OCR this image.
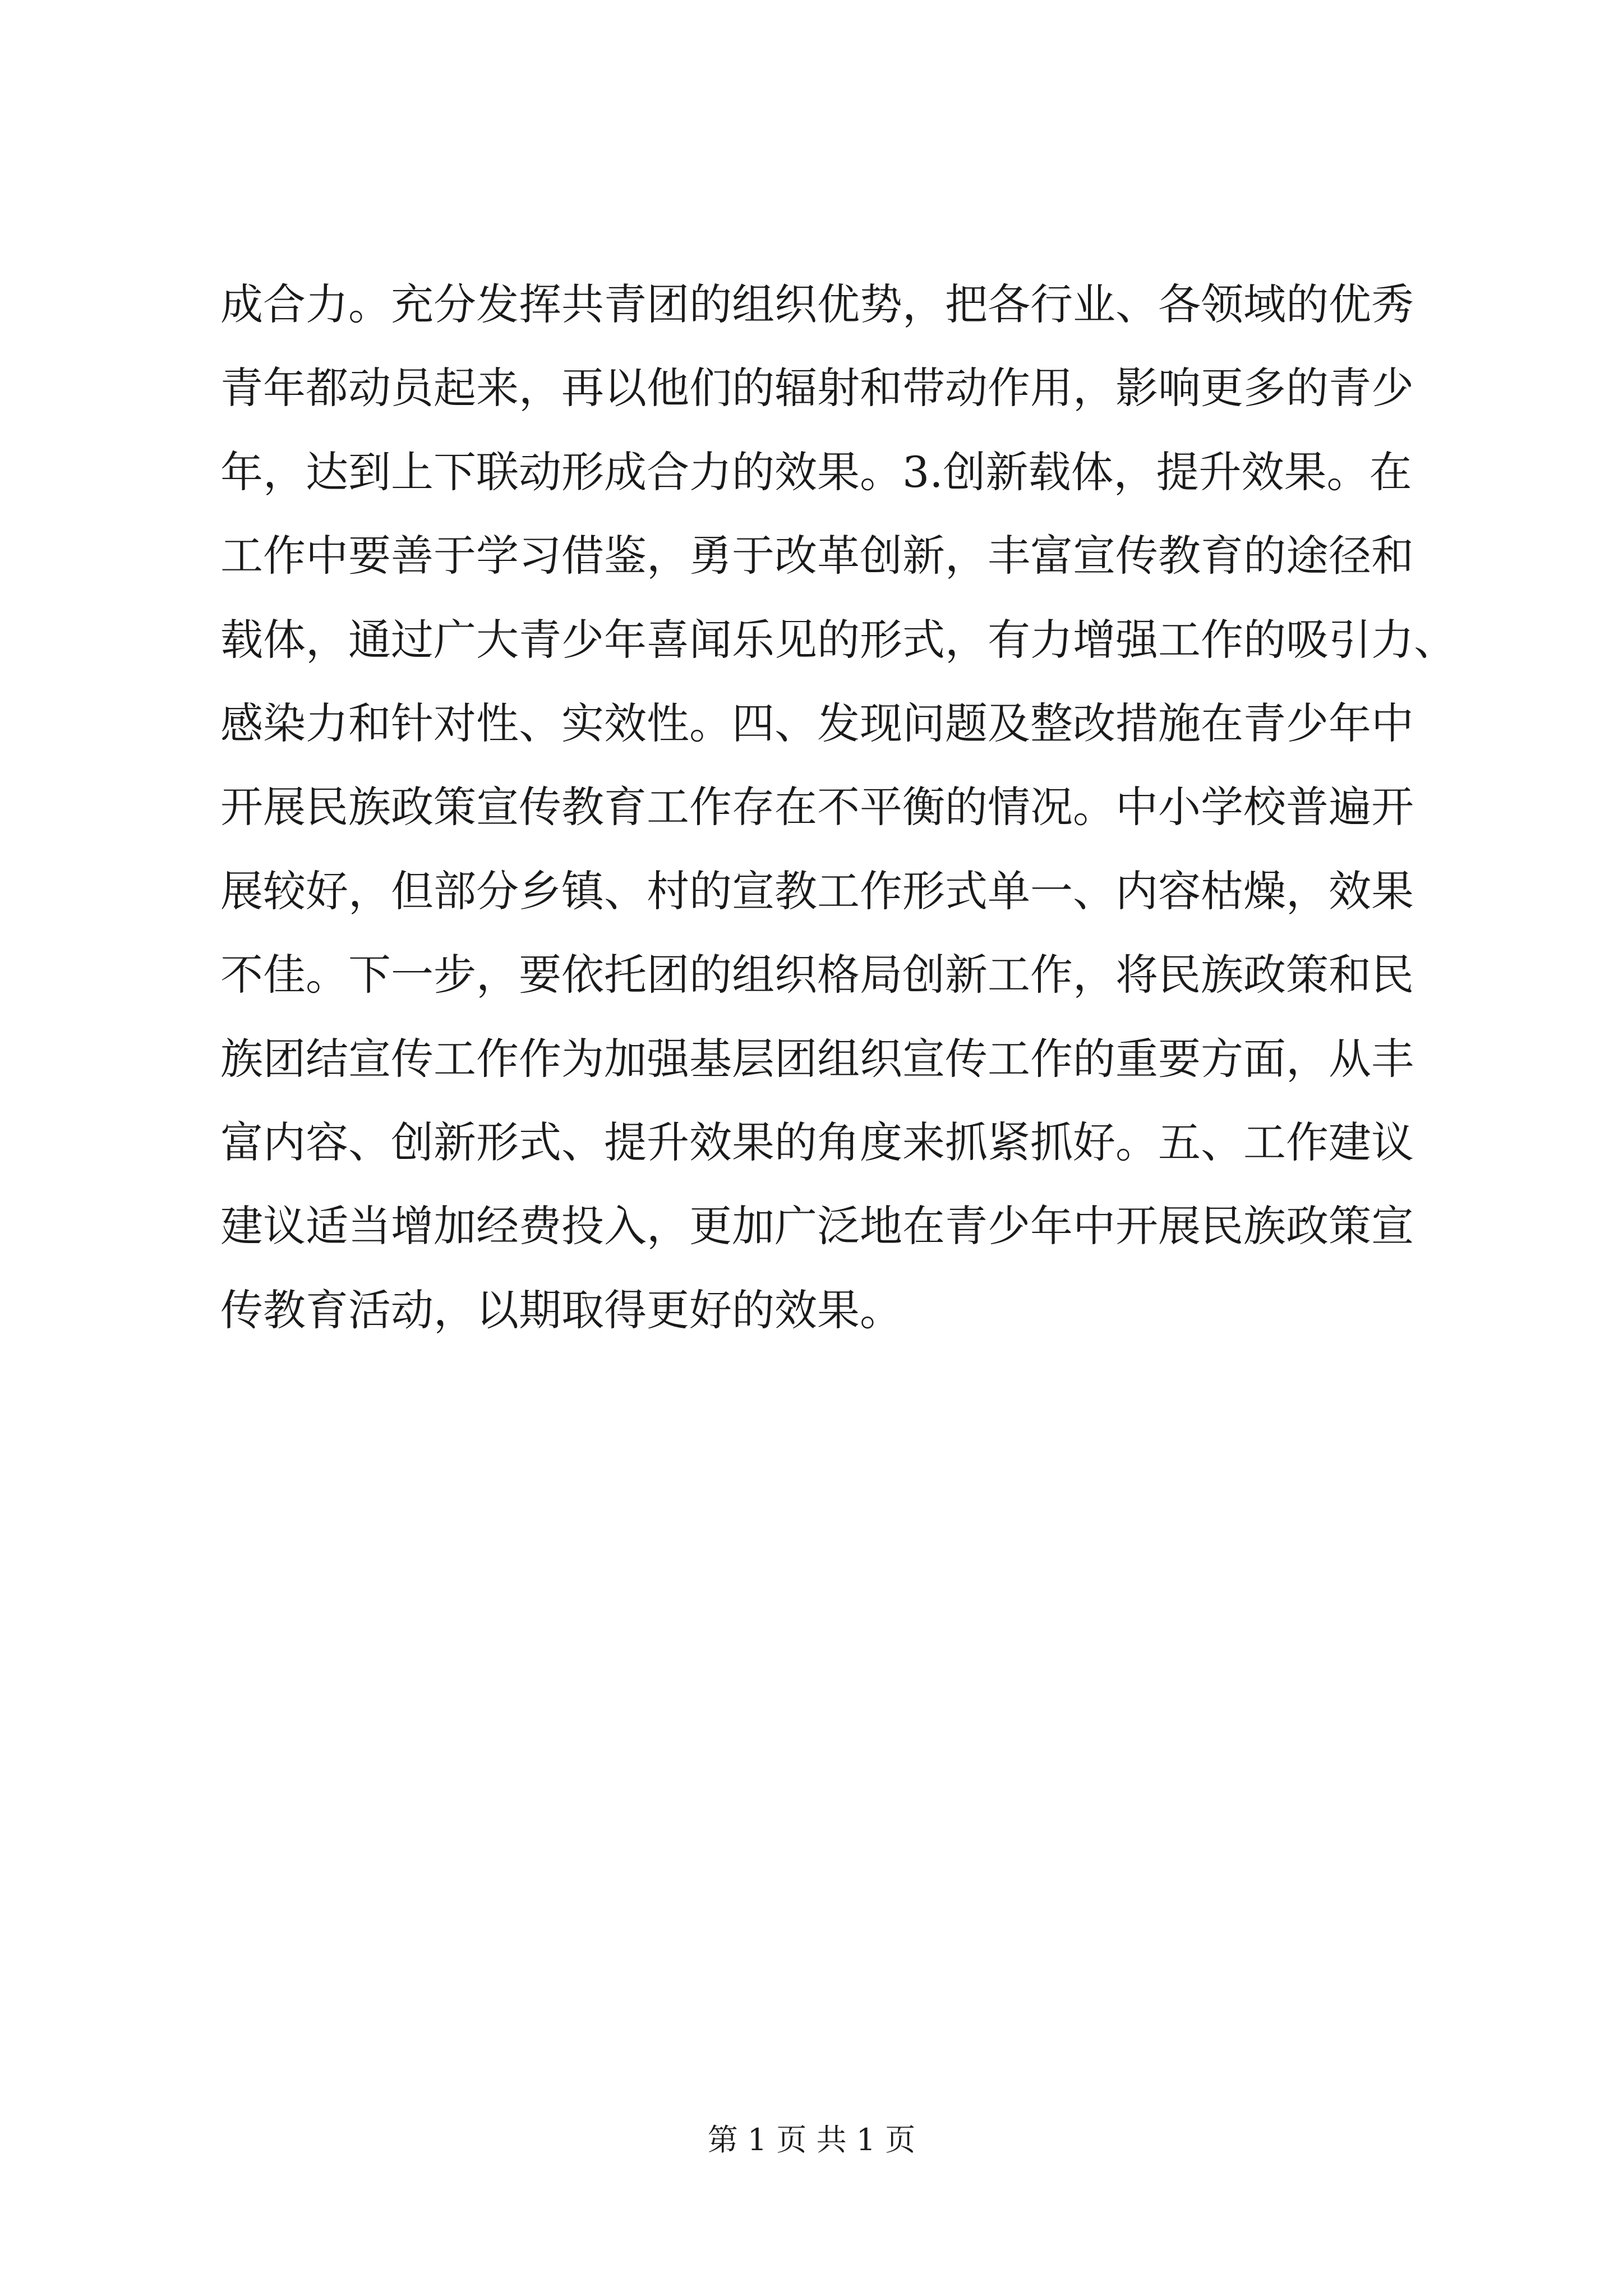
成合力。充分发挥共青团的组织优势，把各行业、各领域的优秀
青年都动员起来，再以他们的辐射和带动作用，影响更多的青少
年，达到上下联动形成合力的效果。3.创新载体，提升效果。在
工作中要善于学习借鉴，勇于改革创新，丰富宣传教育的途径和
载体，通过广大青少年喜闻乐见的形式，有力增强工作的吸引力、
感染力和针对性、实效性。四、发现问题及整改措施在青少年中
开展民族政策宣传教育工作存在不平衡的情况。中小学校普遍开
展较好，但部分乡镇、村的宣教工作形式单一、内容枯燥，效果
不佳。下一步，要依托团的组织格局创新工作，将民族政策和民
族团结宣传工作作为加强基层团组织宣传工作的重要方面，从丰
富内容、创新形式、提升效果的角度来抓紧抓好。五、工作建议
建议适当增加经费投入，更加广泛地在青少年中开展民族政策宣
传教育活动，以期取得更好的效果。
第 1 页 共 1 页
